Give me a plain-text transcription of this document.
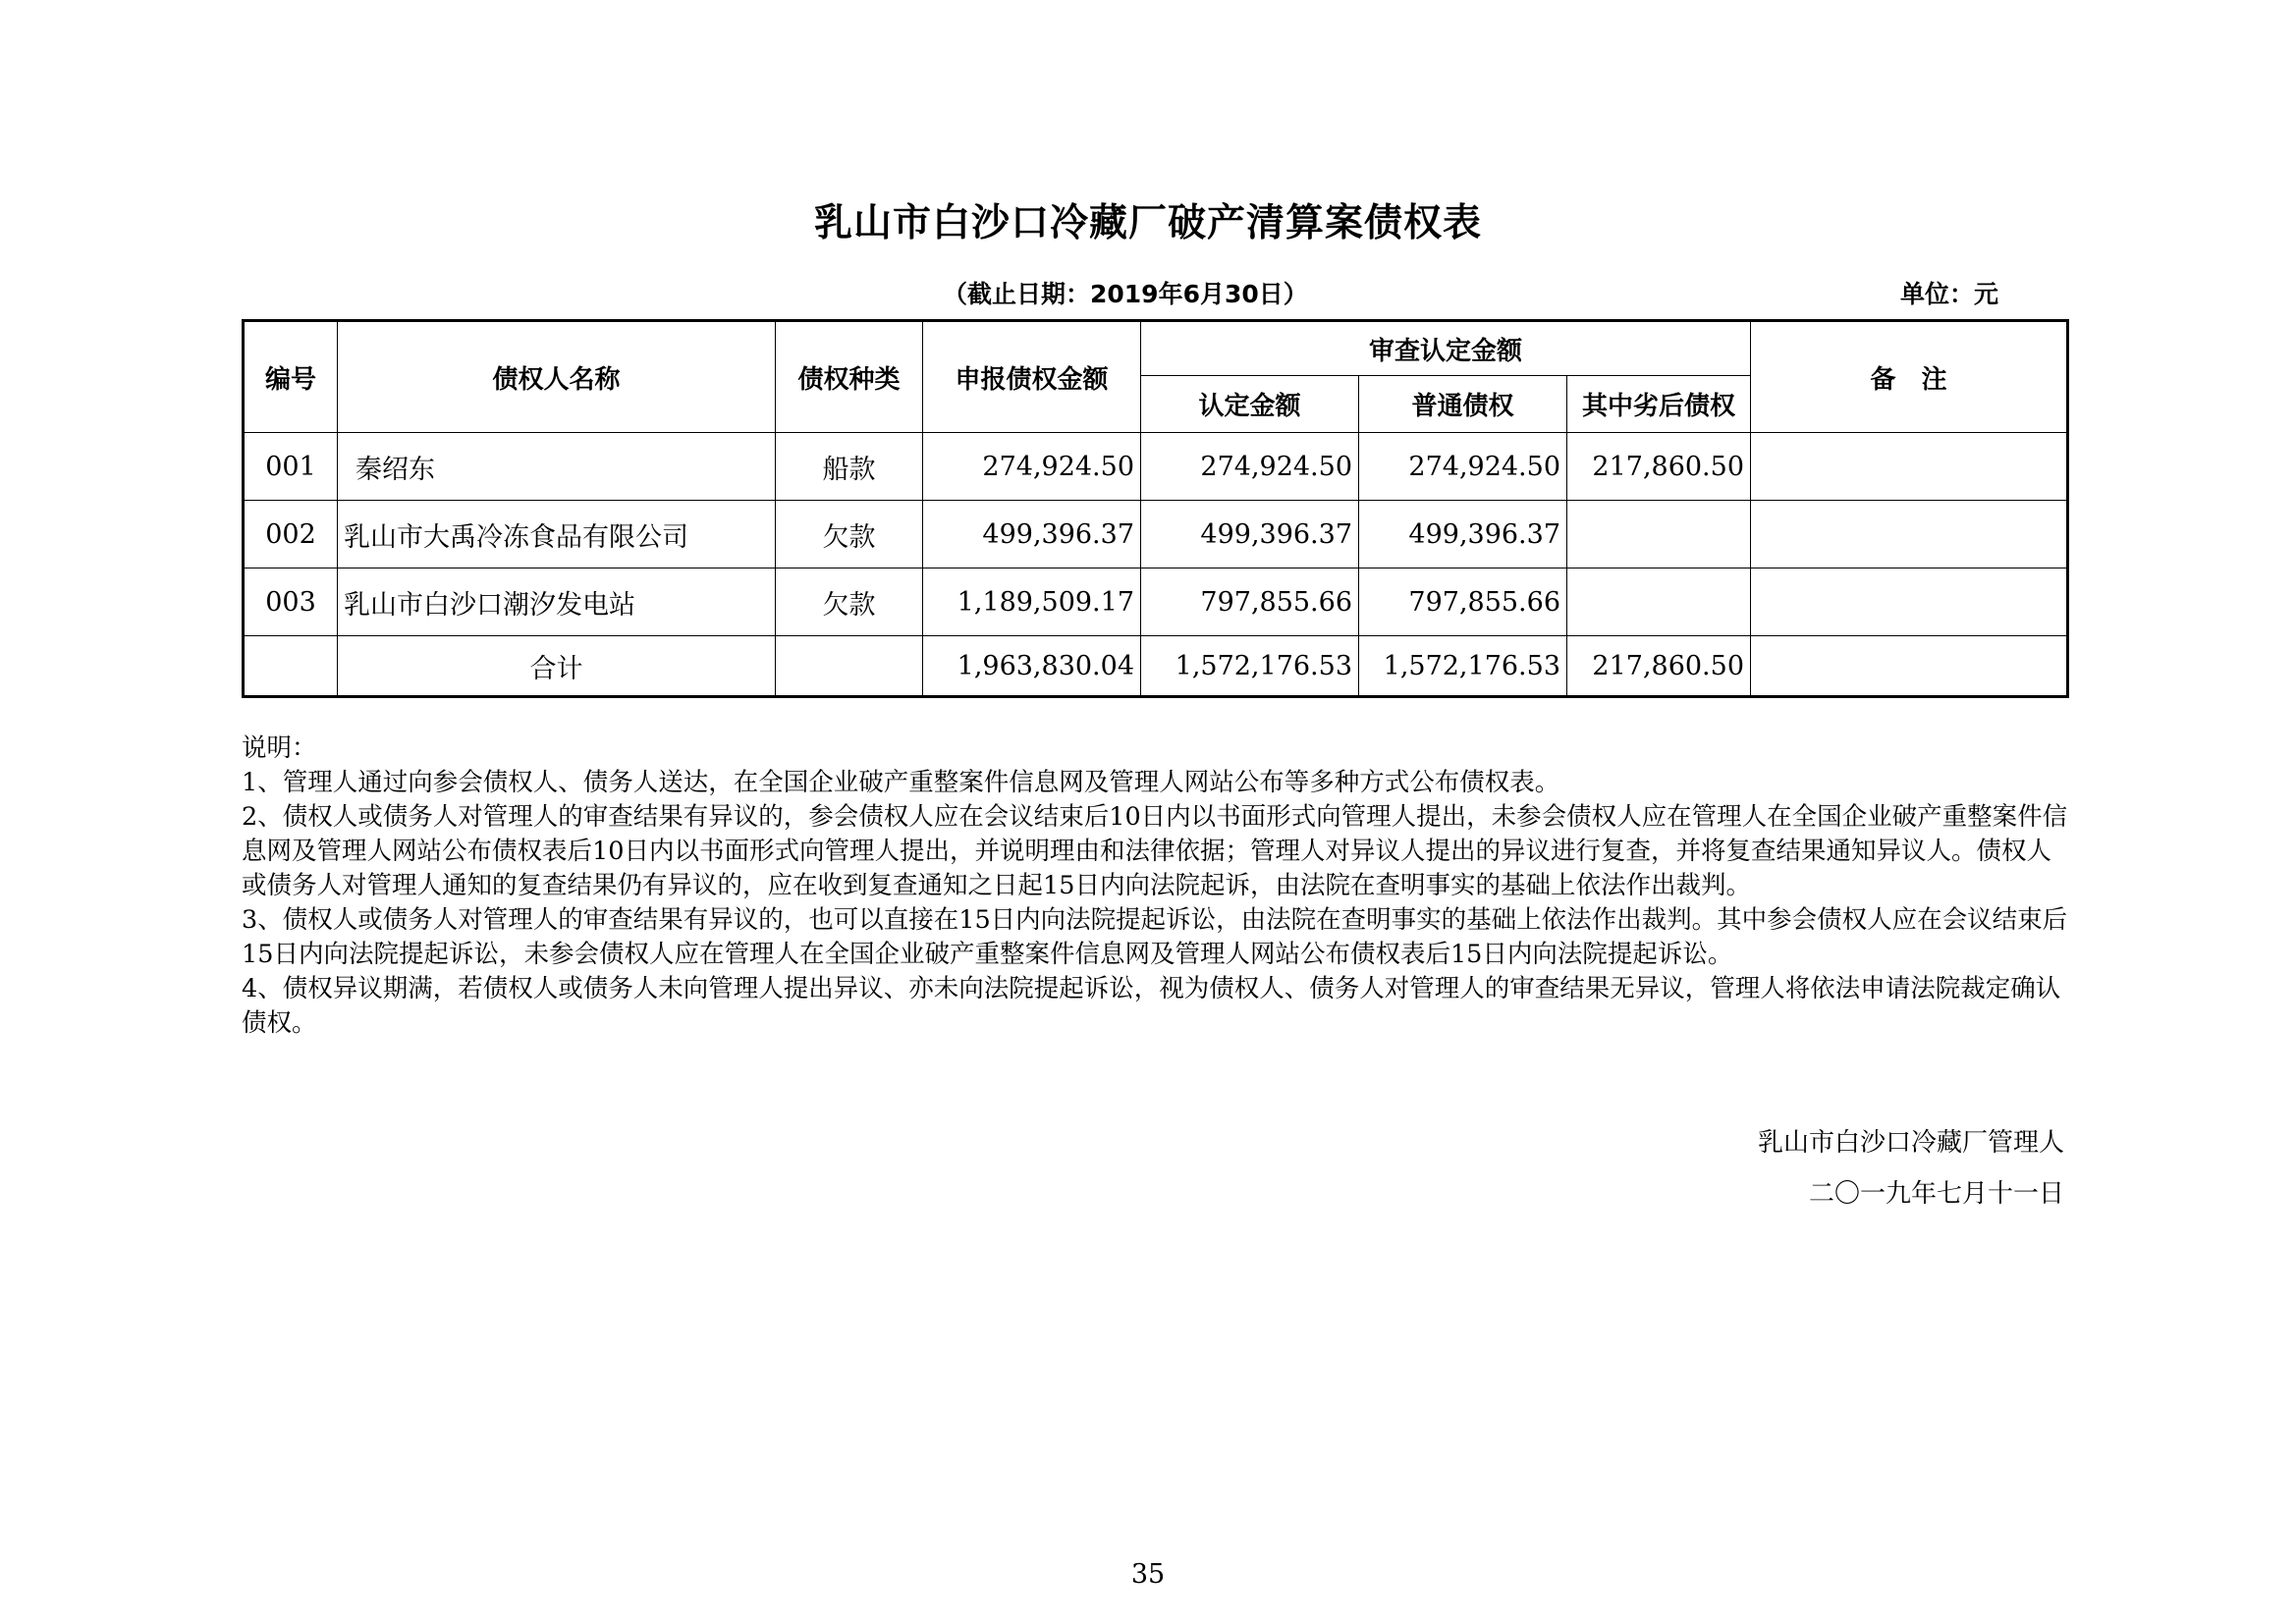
乳山市白沙口冷藏厂破产清算案债权表
（截止日期：2019年6月30日）	单位：元
编号	债权人名称	债权种类	申报债权金额	审查认定金额			备　注
				认定金额	普通债权	其中劣后债权	
001	秦绍东	船款	274,924.50	274,924.50	274,924.50	217,860.50	
002	乳山市大禹冷冻食品有限公司	欠款	499,396.37	499,396.37	499,396.37		
003	乳山市白沙口潮汐发电站	欠款	1,189,509.17	797,855.66	797,855.66		
	合计		1,963,830.04	1,572,176.53	1,572,176.53	217,860.50	

说明：

1、管理人通过向参会债权人、债务人送达，在全国企业破产重整案件信息网及管理人网站公布等多种方式公布债权表。

2、债权人或债务人对管理人的审查结果有异议的，参会债权人应在会议结束后10日内以书面形式向管理人提出，未参会债权人应在管理人在全国企业破产重整案件信息网及管理人网站公布债权表后10日内以书面形式向管理人提出，并说明理由和法律依据；管理人对异议人提出的异议进行复查，并将复查结果通知异议人。债权人或债务人对管理人通知的复查结果仍有异议的，应在收到复查通知之日起15日内向法院起诉，由法院在查明事实的基础上依法作出裁判。

3、债权人或债务人对管理人的审查结果有异议的，也可以直接在15日内向法院提起诉讼，由法院在查明事实的基础上依法作出裁判。其中参会债权人应在会议结束后15日内向法院提起诉讼，未参会债权人应在管理人在全国企业破产重整案件信息网及管理人网站公布债权表后15日内向法院提起诉讼。

4、债权异议期满，若债权人或债务人未向管理人提出异议、亦未向法院提起诉讼，视为债权人、债务人对管理人的审查结果无异议，管理人将依法申请法院裁定确认债权。

乳山市白沙口冷藏厂管理人
二〇一九年七月十一日
35
